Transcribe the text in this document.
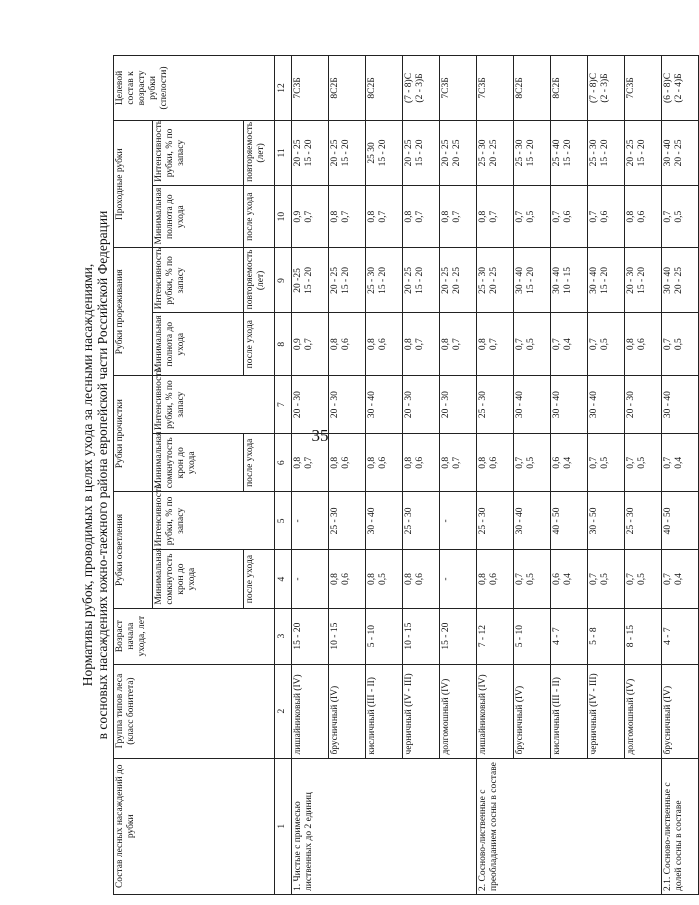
35
Нормативы рубок, проводимых в целях ухода за лесными насаждениями, в сосновых насаждениях южно-таежного района европейской части Российской Федерации
Состав лесных насаждений до рубки	Группа типов леса (класс бонитета)	Возраст начала ухода, лет	Рубки осветления		Рубки прочистки		Рубки прореживания		Проходные рубки		Целевой состав к возрасту рубки (спелости)
			Минимальная сомкнутость крон до ухода	Интенсивность рубки, % по запасу	Минимальная сомкнутость крон до ухода	Интенсивность рубки, % по запасу	Минимальная полнота до ухода	Интенсивность рубки, % по запасу	Минимальная полнота до ухода	Интенсивность рубки, % по запасу	
			после ухода		после ухода		после ухода	повторяемость (лет)	после ухода	повторяемость (лет)	
1	2	3	4	5	6	7	8	9	10	11	12
1. Чистые с примесью лиственных до 2 единиц	лишайниковый (IV)	15 - 20	-	-	0,8 0,7	20 - 30	0,9 0,7	20 -25 15 - 20	0,9 0,7	20 - 25 15 - 20	7С3Б

	брусничный (IV)	10 - 15	0,8 0,6	25 - 30	0,8 0,6	20 - 30	0,8 0,6	20 - 25 15 - 20	0,8 0,7	20 - 25 15 - 20	8С2Б

	кисличный (III - II)	5 - 10	0,8 0,5	30 - 40	0,8 0,6	30 - 40	0,8 0,6	25 - 30 15 - 20	0,8 0,7	25 30 15 - 20	8С2Б

	черничный (IV - III)	10 - 15	0,8 0,6	25 - 30	0,8 0,6	20 - 30	0,8 0,7	20 - 25 15 - 20	0,8 0,7	20 - 25 15 - 20	(7 - 8)С (2 - 3)Б

	долгомошный (IV)	15 - 20	-	-	0,8 0,7	20 - 30	0,8 0,7	20 - 25 20 - 25	0,8 0,7	20 - 25 20 - 25	7С3Б

2. Сосново-лиственные с преобладанием сосны в составе	лишайниковый (IV)	7 - 12	0,8 0,6	25 - 30	0,8 0,6	25 - 30	0,8 0,7	25 - 30 20 - 25	0,8 0,7	25 - 30 20 - 25	7С3Б

	брусничный (IV)	5 - 10	0,7 0,5	30 - 40	0,7 0,5	30 - 40	0,7 0,5	30 - 40 15 - 20	0,7 0,5	25 - 30 15 - 20	8С2Б

	кисличный (III - II)	4 - 7	0,6 0,4	40 - 50	0,6 0,4	30 - 40	0,7 0,4	30 - 40 10 - 15	0,7 0,6	25 - 40 15 - 20	8С2Б

	черничный (IV - III)	5 - 8	0,7 0,5	30 - 50	0,7 0,5	30 - 40	0,7 0,5	30 - 40 15 - 20	0,7 0,6	25 - 30 15 - 20	(7 - 8)С (2 - 3)Б

	долгомошный (IV)	8 - 15	0,7 0,5	25 - 30	0,7 0,5	20 - 30	0,8 0,6	20 - 30 15 - 20	0,8 0,6	20 - 25 15 - 20	7С3Б

2.1. Сосново-лиственные с долей сосны в составе	брусничный (IV)	4 - 7	0,7 0,4	40 - 50	0,7 0,4	30 - 40	0,7 0,5	30 - 40 20 - 25	0,7 0,5	30 - 40 20 - 25	(6 - 8)С (2 - 4)Б
